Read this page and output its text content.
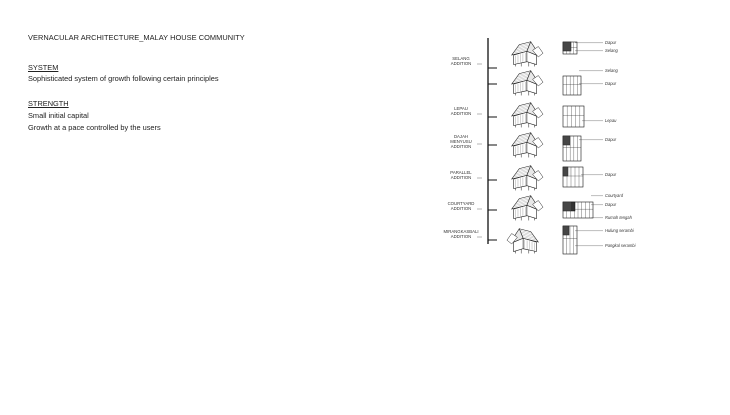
VERNACULAR ARCHITECTURE_MALAY HOUSE COMMUNITY
SYSTEM
Sophisticated system of growth following certain principles
STRENGTH
Small initial capital
Growth at a pace controlled by the users
SELANG
ADDITION
Dapur
Selang
Selang
Dapur
LEPAU
ADDITION
Lepau
DAJAH
MENYUSU
ADDITION
Dapur
PARALLEL
ADDITION
Dapur
COURTYARD
ADDITION
Courtyard
Dapur
Rumah tengah
MIRANGKASBALI
ADDITION
Hulung serambi
Pangkal serambi
